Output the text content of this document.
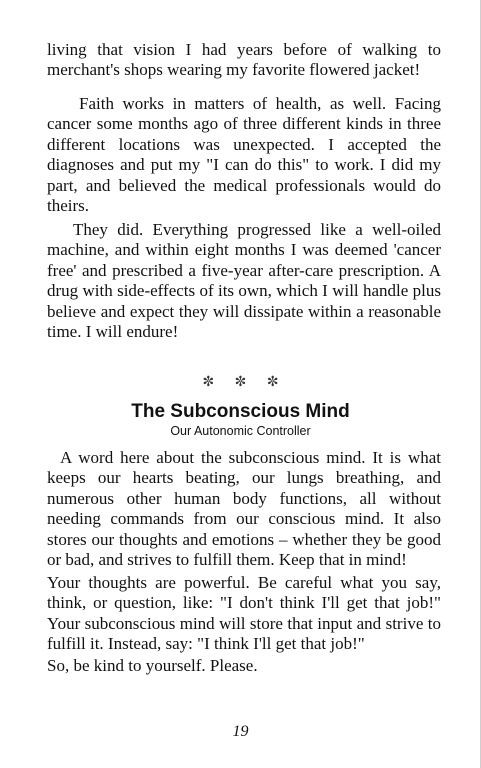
living that vision I had years before of walking to merchant's shops wearing my favorite flowered jacket!

Faith works in matters of health, as well. Facing cancer some months ago of three different kinds in three different locations was unexpected. I accepted the diagnoses and put my "I can do this" to work. I did my part, and believed the medical professionals would do theirs.

They did. Everything progressed like a well-oiled machine, and within eight months I was deemed 'cancer free' and prescribed a five-year after-care prescription. A drug with side-effects of its own, which I will handle plus believe and expect they will dissipate within a reasonable time. I will endure!

✼ ✼ ✼
The Subconscious Mind
Our Autonomic Controller

A word here about the subconscious mind. It is what keeps our hearts beating, our lungs breathing, and numerous other human body functions, all without needing commands from our conscious mind. It also stores our thoughts and emotions – whether they be good or bad, and strives to fulfill them. Keep that in mind!

Your thoughts are powerful. Be careful what you say, think, or question, like: "I don't think I'll get that job!" Your subconscious mind will store that input and strive to fulfill it. Instead, say: "I think I'll get that job!"

So, be kind to yourself. Please.

19
